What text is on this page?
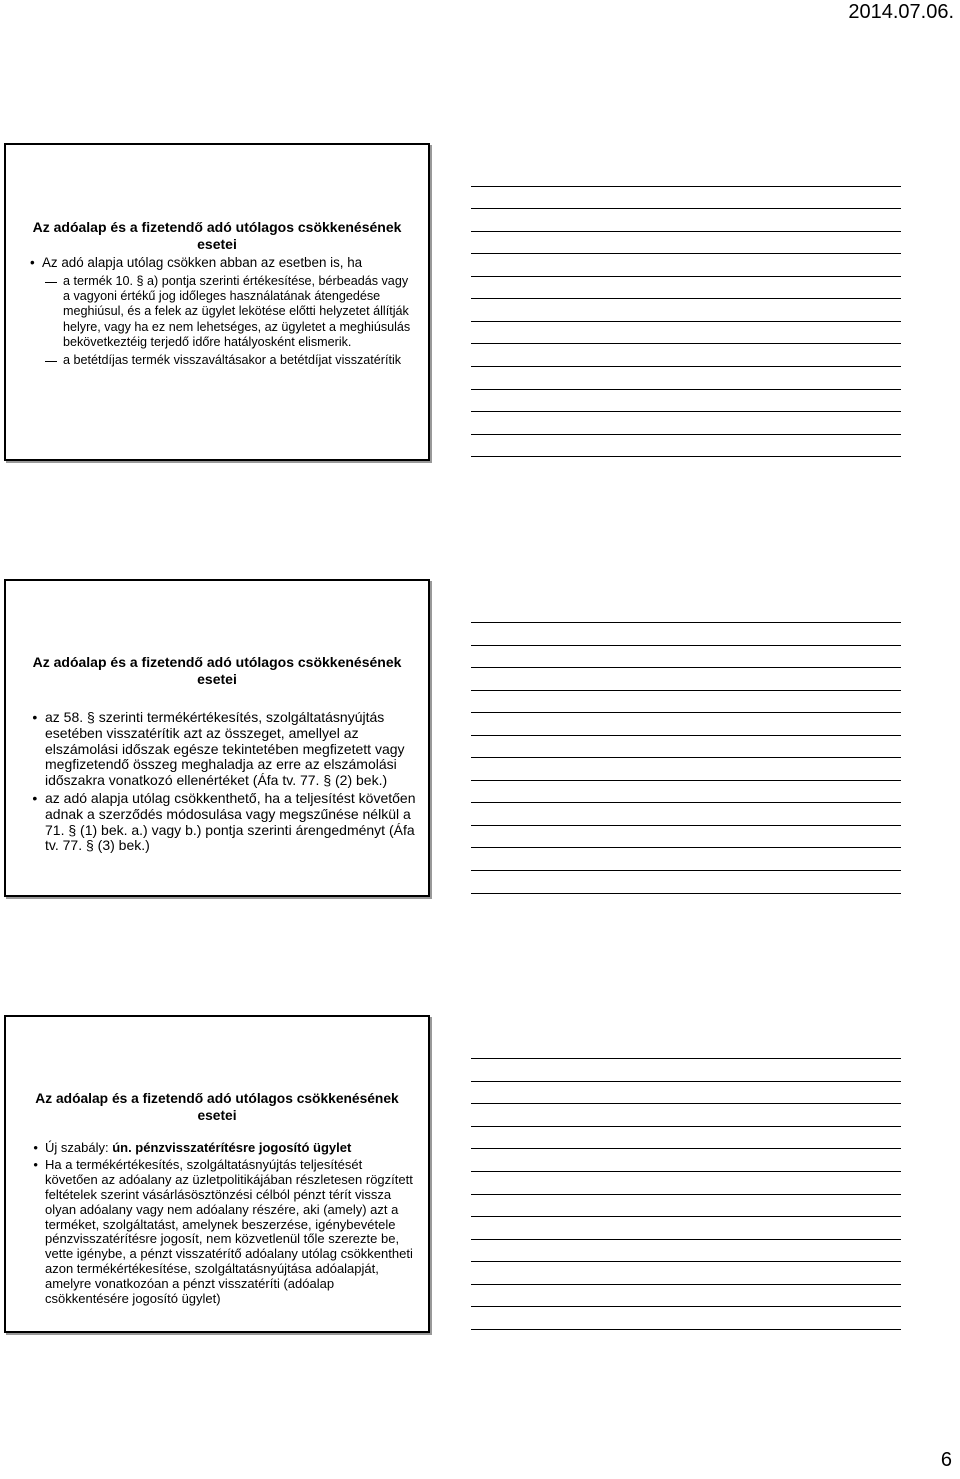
2014.07.06.
Az adóalap és a fizetendő adó utólagos csökkenésének esetei

• Az adó alapja utólag csökken abban az esetben is, ha

a termék 10. § a) pontja szerinti értékesítése, bérbeadás vagy a vagyoni értékű jog időleges használatának átengedése meghiúsul, és a felek az ügylet lekötése előtti helyzetet állítják helyre, vagy ha ez nem lehetséges, az ügyletet a meghiúsulás bekövetkeztéig terjedő időre hatályosként elismerik.

a betétdíjas termék visszaváltásakor a betétdíjat visszatérítik

Az adóalap és a fizetendő adó utólagos csökkenésének esetei

• az 58. § szerinti termékértékesítés, szolgáltatásnyújtás esetében visszatérítik azt az összeget, amellyel az elszámolási időszak egésze tekintetében megfizetett vagy megfizetendő összeg meghaladja az erre az elszámolási időszakra vonatkozó ellenértéket (Áfa tv. 77. § (2) bek.)

• az adó alapja utólag csökkenthető, ha a teljesítést követően adnak a szerződés módosulása vagy megszűnése nélkül a 71. § (1) bek. a.) vagy b.) pontja szerinti árengedményt (Áfa tv. 77. § (3) bek.)

Az adóalap és a fizetendő adó utólagos csökkenésének esetei

• Új szabály: ún. pénzvisszatérítésre jogosító ügylet

• Ha a termékértékesítés, szolgáltatásnyújtás teljesítését követően az adóalany az üzletpolitikájában részletesen rögzített feltételek szerint vásárlásösztönzési célból pénzt térít vissza olyan adóalany vagy nem adóalany részére, aki (amely) azt a terméket, szolgáltatást, amelynek beszerzése, igénybevétele pénzvisszatérítésre jogosít, nem közvetlenül tőle szerezte be, vette igénybe, a pénzt visszatérítő adóalany utólag csökkentheti azon termékértékesítése, szolgáltatásnyújtása adóalapját, amelyre vonatkozóan a pénzt visszatéríti (adóalap csökkentésére jogosító ügylet)

6
